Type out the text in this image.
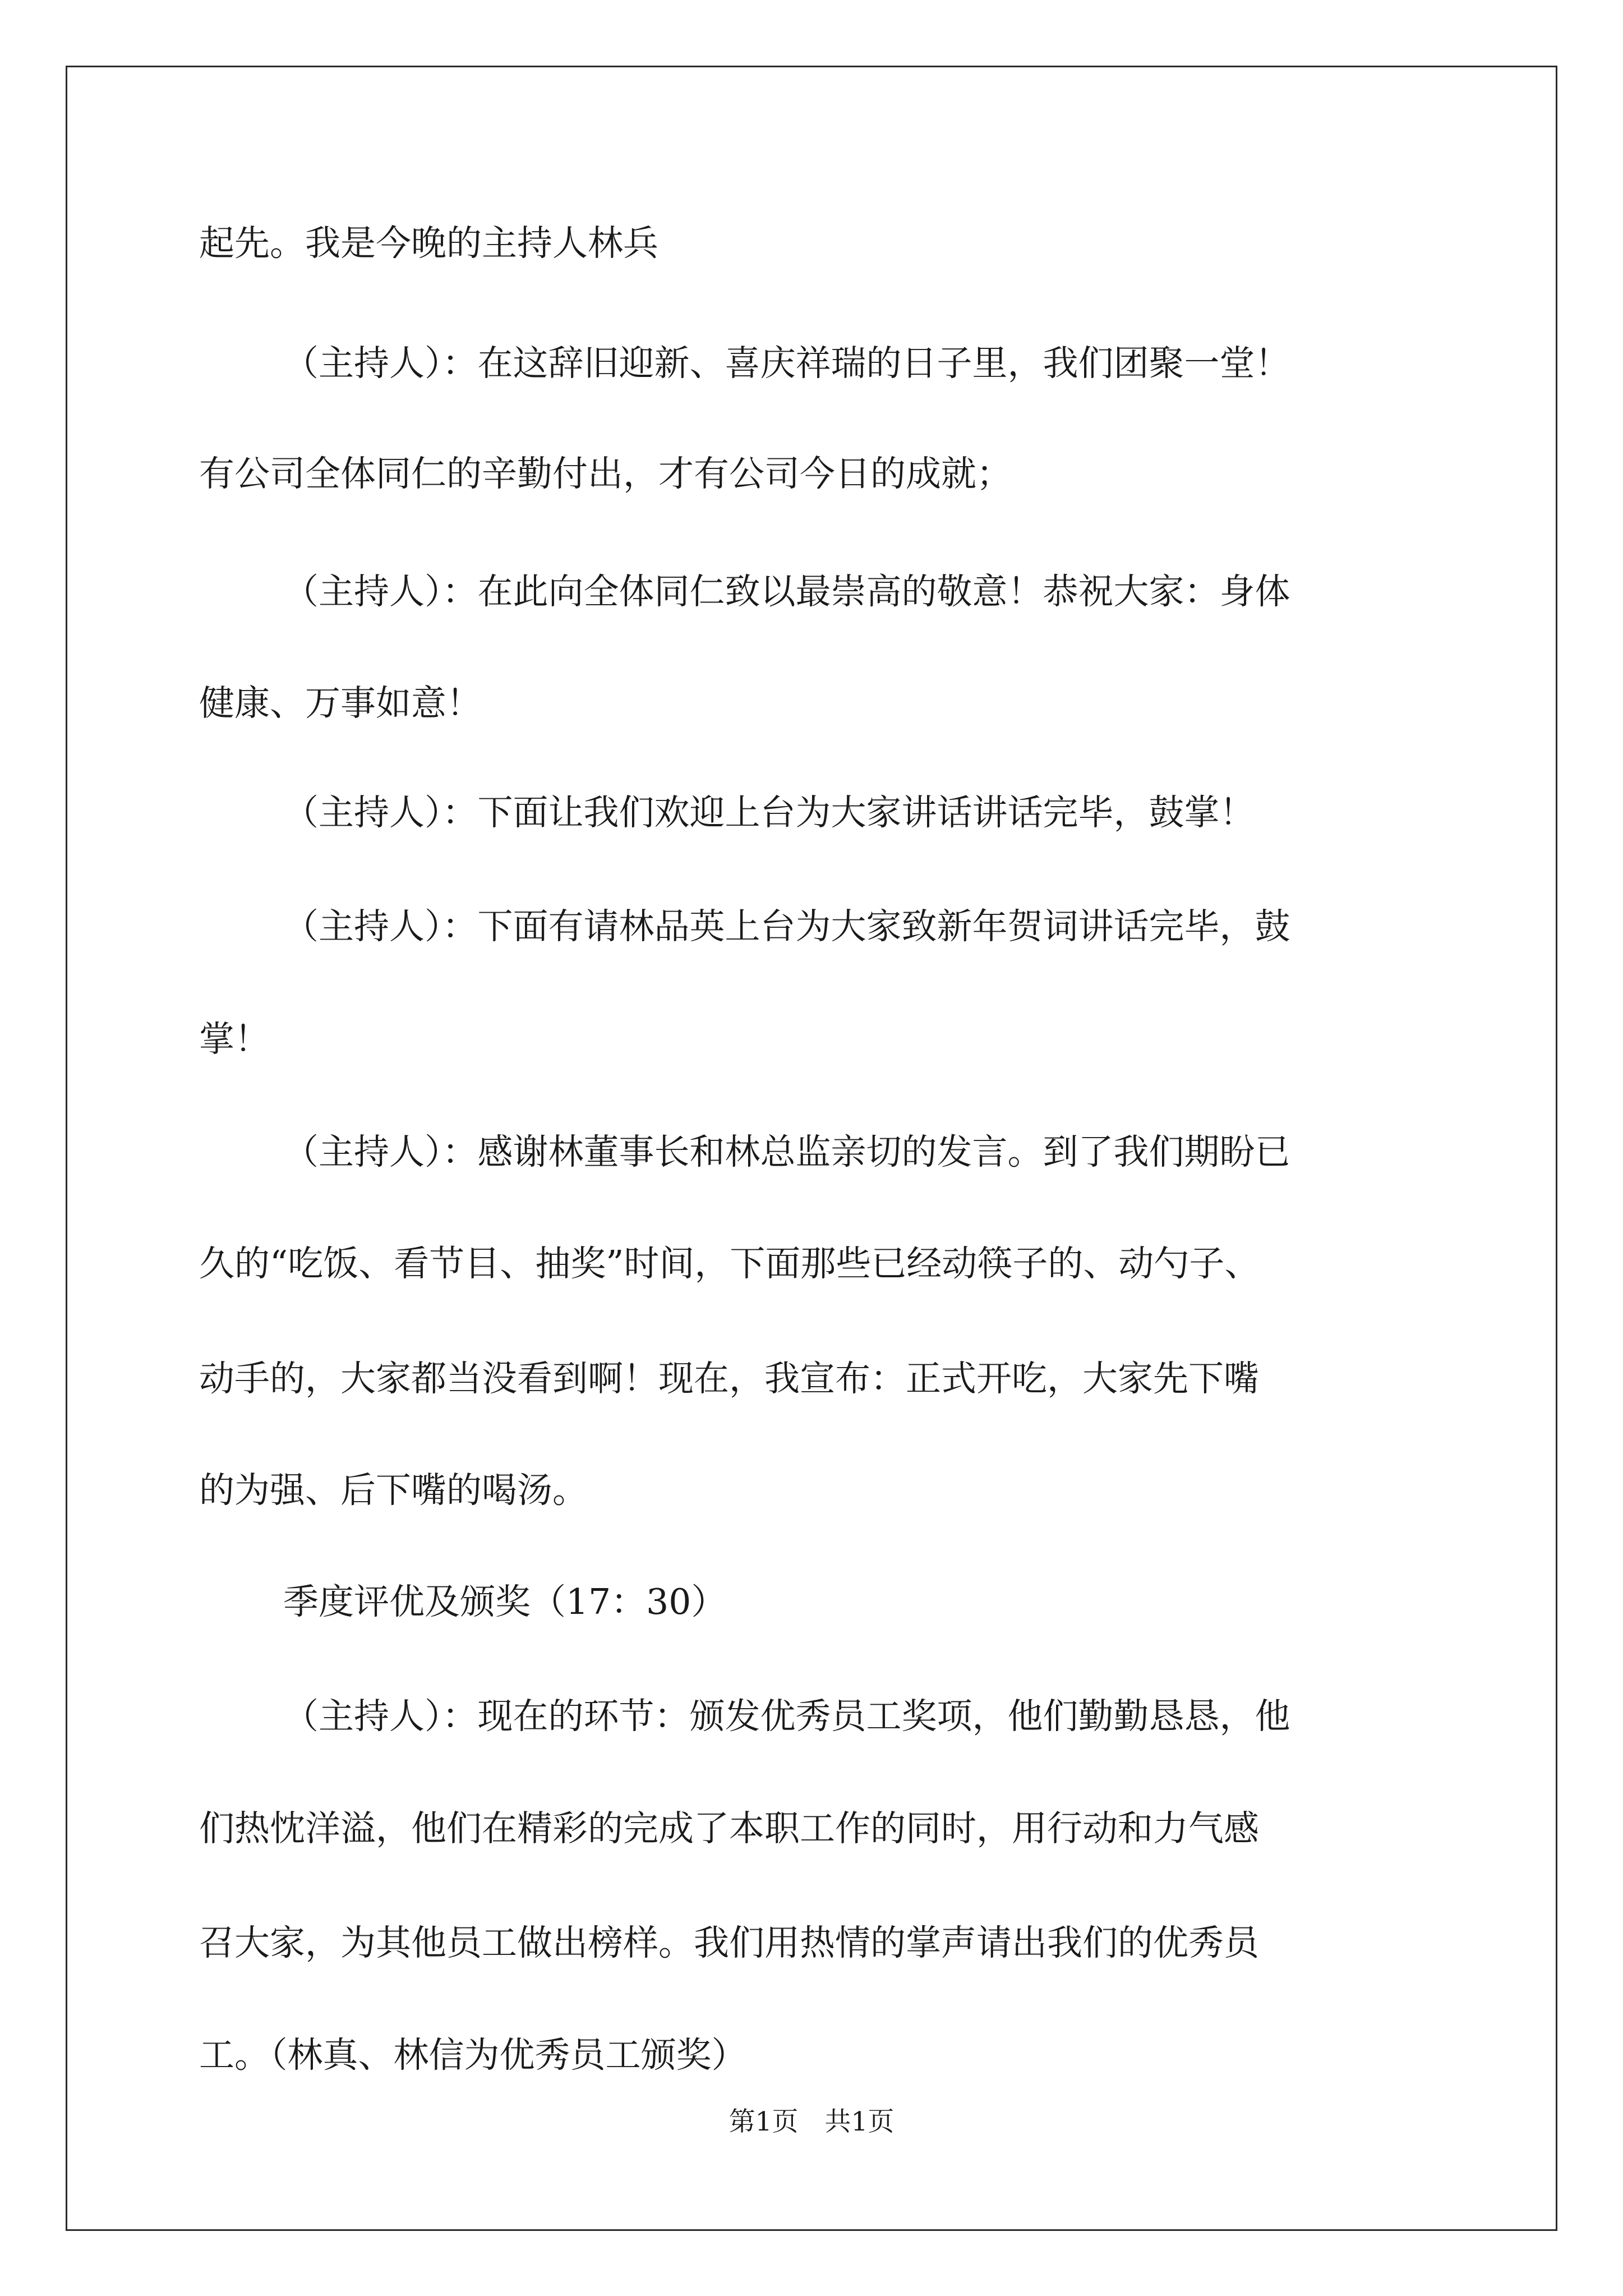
起先。我是今晚的主持人林兵
（主持人）：在这辞旧迎新、喜庆祥瑞的日子里，我们团聚一堂！
有公司全体同仁的辛勤付出，才有公司今日的成就；
（主持人）：在此向全体同仁致以最崇高的敬意！恭祝大家：身体
健康、万事如意！
（主持人）：下面让我们欢迎上台为大家讲话讲话完毕，鼓掌！
（主持人）：下面有请林品英上台为大家致新年贺词讲话完毕，鼓
掌！
（主持人）：感谢林董事长和林总监亲切的发言。到了我们期盼已
久的“吃饭、看节目、抽奖”时间，下面那些已经动筷子的、动勺子、
动手的，大家都当没看到啊！现在，我宣布：正式开吃，大家先下嘴
的为强、后下嘴的喝汤。
季度评优及颁奖（17：30）
（主持人）：现在的环节：颁发优秀员工奖项，他们勤勤恳恳，他
们热忱洋溢，他们在精彩的完成了本职工作的同时，用行动和力气感
召大家，为其他员工做出榜样。我们用热情的掌声请出我们的优秀员
工。（林真、林信为优秀员工颁奖）
第1页　共1页
